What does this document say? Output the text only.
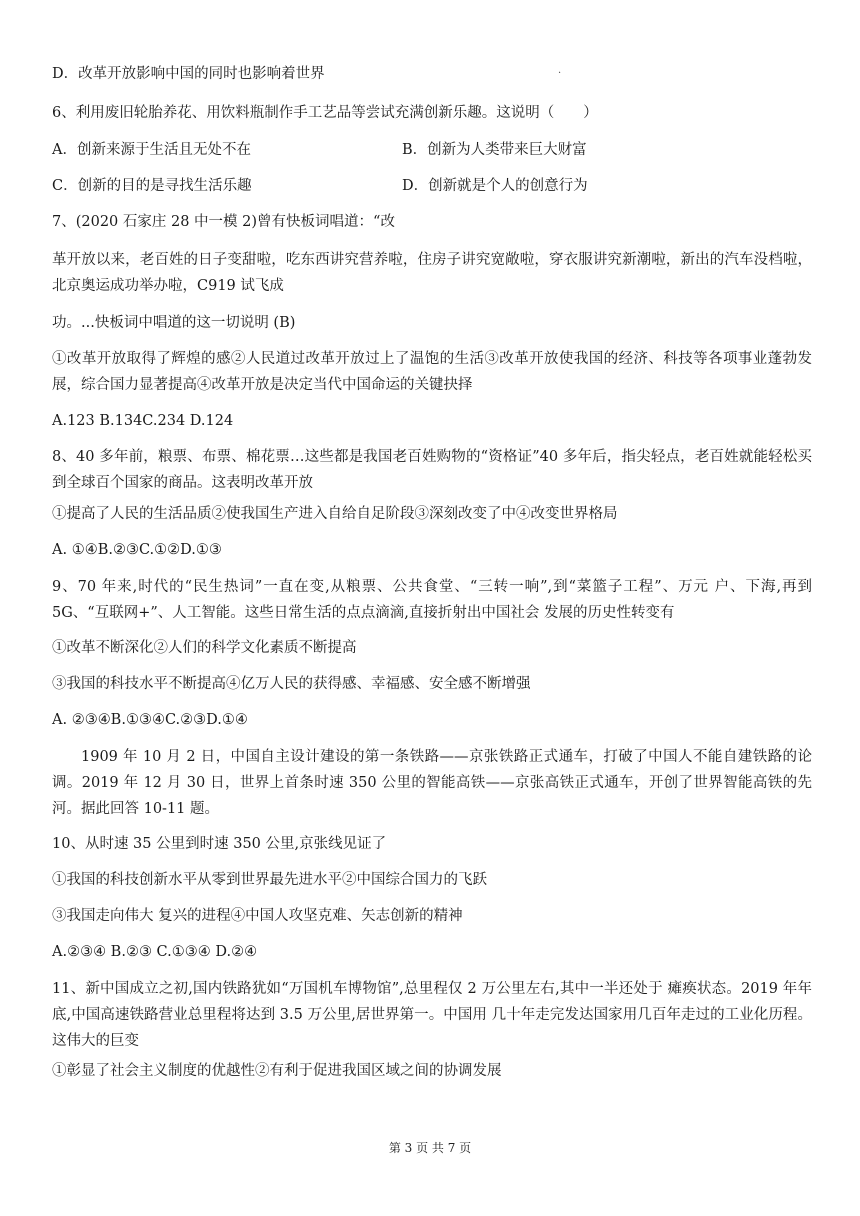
D．改革开放影响中国的同时也影响着世界	·
6、利用废旧轮胎养花、用饮料瓶制作手工艺品等尝试充满创新乐趣。这说明（　　）
A．创新来源于生活且无处不在	B．创新为人类带来巨大财富
C．创新的目的是寻找生活乐趣	D．创新就是个人的创意行为
7、(2020 石家庄 28 中一模 2)曾有快板词唱道：“改
革开放以来，老百姓的日子变甜啦，吃东西讲究营养啦，住房子讲究宽敞啦，穿衣服讲究新潮啦，新出的汽车没档啦，北京奥运成功举办啦，C919 试飞成
功。...快板词中唱道的这一切说明 (B)
①改革开放取得了辉煌的感②人民道过改革开放过上了温饱的生活③改革开放使我国的经济、科技等各项事业蓬勃发展，综合国力显著提高④改革开放是决定当代中国命运的关键抉择
A.123 B.134C.234 D.124
8、40 多年前，粮票、布票、棉花票…这些都是我国老百姓购物的“资格证”40 多年后，指尖轻点，老百姓就能轻松买到全球百个国家的商品。这表明改革开放
①提高了人民的生活品质②使我国生产进入自给自足阶段③深刻改变了中④改变世界格局
A. ①④B.②③C.①②D.①③
9、70 年来,时代的“民生热词”一直在变,从粮票、公共食堂、“三转一响”,到“菜篮子工程”、万元 户、下海,再到 5G、“互联网+”、人工智能。这些日常生活的点点滴滴,直接折射出中国社会 发展的历史性转变有
①改革不断深化②人们的科学文化素质不断提高
③我国的科技水平不断提高④亿万人民的获得感、幸福感、安全感不断增强
A. ②③④B.①③④C.②③D.①④
1909 年 10 月 2 日，中国自主设计建设的第一条铁路——京张铁路正式通车，打破了中国人不能自建铁路的论调。2019 年 12 月 30 日，世界上首条时速 350 公里的智能高铁——京张高铁正式通车，开创了世界智能高铁的先河。据此回答 10-11 题。
10、从时速 35 公里到时速 350 公里,京张线见证了
①我国的科技创新水平从零到世界最先进水平②中国综合国力的飞跃
③我国走向伟大 复兴的进程④中国人攻坚克难、矢志创新的精神
A.②③④ B.②③ C.①③④ D.②④
11、新中国成立之初,国内铁路犹如“万国机车博物馆”,总里程仅 2 万公里左右,其中一半还处于 瘫痪状态。2019 年年底,中国高速铁路营业总里程将达到 3.5 万公里,居世界第一。中国用 几十年走完发达国家用几百年走过的工业化历程。这伟大的巨变
①彰显了社会主义制度的优越性②有利于促进我国区域之间的协调发展
第 3 页 共 7 页
